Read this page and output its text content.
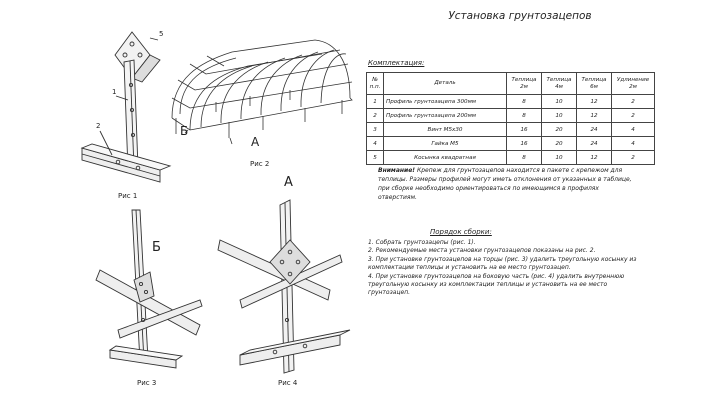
5
1
2
Рис 1
Б
А
Рис 2
Б
Рис 3
А
Рис 4
Установка грунтозацепов
Комплектация:
№ п.п.	Деталь	Теплица 2м	Теплица 4м	Теплица 6м	Удлинение 2м
1	Профиль грунтозацепа 300мм	8	10	12	2
2	Профиль грунтозацепа 200мм	8	10	12	2
3	Винт М5х30	16	20	24	4
4	Гайка М5	16	20	24	4
5	Косынка квадратная	8	10	12	2
Внимание! Крепеж для грунтозацепов находится в пакете с крепежом для теплицы. Размеры профилей могут иметь отклонения от указанных в таблице, при сборке необходимо ориентироваться по имеющимся в профилях отверстиям.
Порядок сборки:

1. Собрать грунтозацепы (рис. 1).

2. Рекомендуемые места установки грунтозацепов показаны на рис. 2.

3. При установке грунтозацепов на торцы (рис. 3) удалить треугольную косынку из комплектации теплицы и установить на ее место грунтозацеп.

4. При установке грунтозацепов на боковую часть (рис. 4) удалить внутреннюю треугольную косынку из комплектации теплицы и установить на ее место грунтозацеп.
